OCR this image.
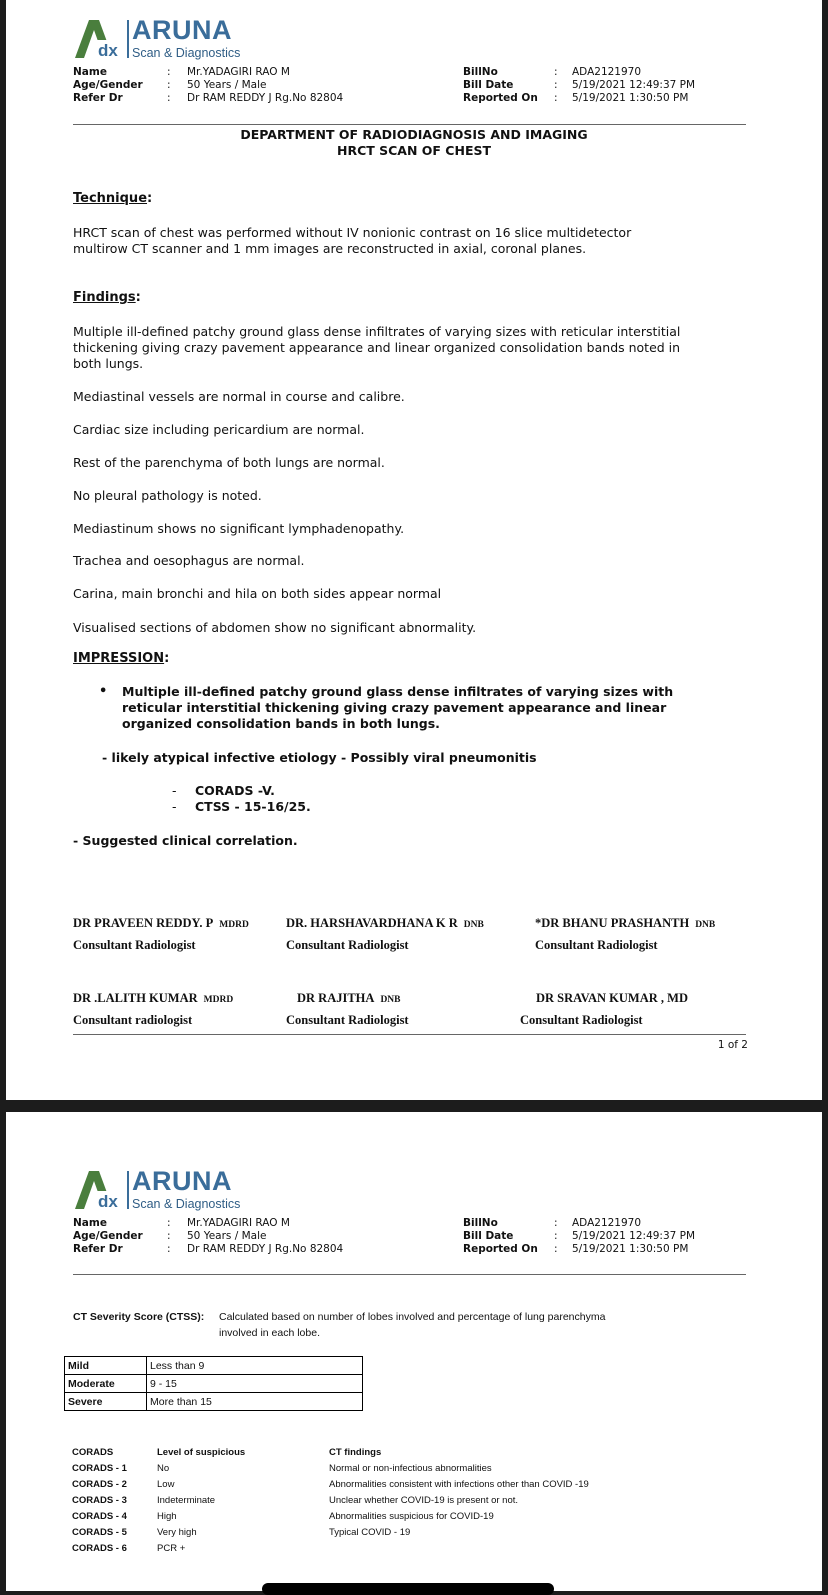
dx
ARUNA
Scan & Diagnostics
Name	: Mr.YADAGIRI RAO M
Age/Gender : 50 Years / Male
Refer Dr	: Dr RAM REDDY J Rg.No 82804
BillNo	: ADA2121970
Bill Date	: 5/19/2021 12:49:37 PM
Reported On : 5/19/2021 1:30:50 PM
DEPARTMENT OF RADIODIAGNOSIS AND IMAGING
HRCT SCAN OF CHEST
Technique:
HRCT scan of chest was performed without IV nonionic contrast on 16 slice multidetector
multirow CT scanner and 1 mm images are reconstructed in axial, coronal planes.
Findings:
Multiple ill-defined patchy ground glass dense infiltrates of varying sizes with reticular interstitial
thickening giving crazy pavement appearance and linear organized consolidation bands noted in
both lungs.
Mediastinal vessels are normal in course and calibre.
Cardiac size including pericardium are normal.
Rest of the parenchyma of both lungs are normal.
No pleural pathology is noted.
Mediastinum shows no significant lymphadenopathy.
Trachea and oesophagus are normal.
Carina, main bronchi and hila on both sides appear normal
Visualised sections of abdomen show no significant abnormality.
IMPRESSION:
• Multiple ill-defined patchy ground glass dense infiltrates of varying sizes with
reticular interstitial thickening giving crazy pavement appearance and linear
organized consolidation bands in both lungs.
- likely atypical infective etiology - Possibly viral pneumonitis
- CORADS -V.
- CTSS - 15-16/25.
- Suggested clinical correlation.
DR PRAVEEN REDDY. P MDRD
Consultant Radiologist
DR. HARSHAVARDHANA K R DNB
Consultant Radiologist
*DR BHANU PRASHANTH DNB
Consultant Radiologist
DR .LALITH KUMAR MDRD
Consultant radiologist
DR RAJITHA DNB
Consultant Radiologist
DR SRAVAN KUMAR , MD
Consultant Radiologist
1 of 2
dx
ARUNA
Scan & Diagnostics
Name	: Mr.YADAGIRI RAO M
Age/Gender : 50 Years / Male
Refer Dr	: Dr RAM REDDY J Rg.No 82804
BillNo	: ADA2121970
Bill Date	: 5/19/2021 12:49:37 PM
Reported On : 5/19/2021 1:30:50 PM
CT Severity Score (CTSS): Calculated based on number of lobes involved and percentage of lung parenchyma
involved in each lobe.
Mild	Less than 9
Moderate	9 - 15
Severe	More than 15
CORADS	Level of suspicious	CT findings
CORADS - 1	No	Normal or non-infectious abnormalities
CORADS - 2	Low	Abnormalities consistent with infections other than COVID -19
CORADS - 3	Indeterminate	Unclear whether COVID-19 is present or not.
CORADS - 4	High	Abnormalities suspicious for COVID-19
CORADS - 5	Very high	Typical COVID - 19
CORADS - 6	PCR +
